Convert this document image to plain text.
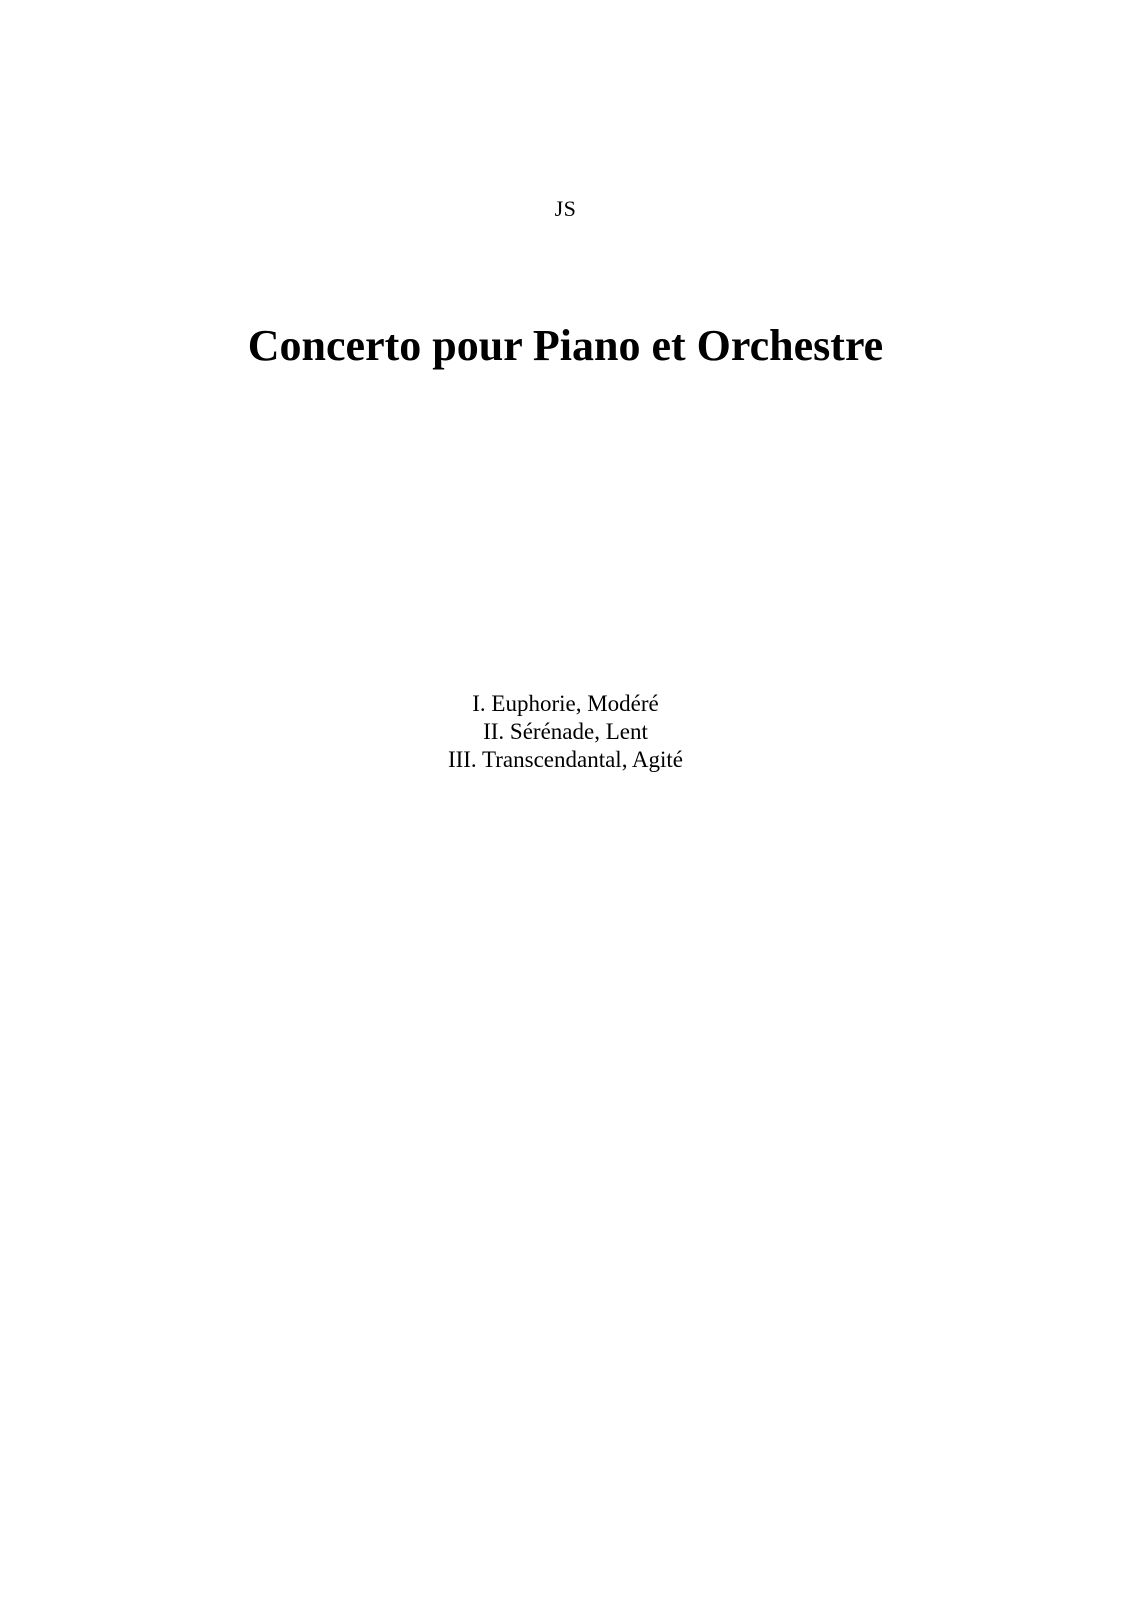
JS
Concerto pour Piano et Orchestre
I. Euphorie, Modéré
II. Sérénade, Lent
III. Transcendantal, Agité
